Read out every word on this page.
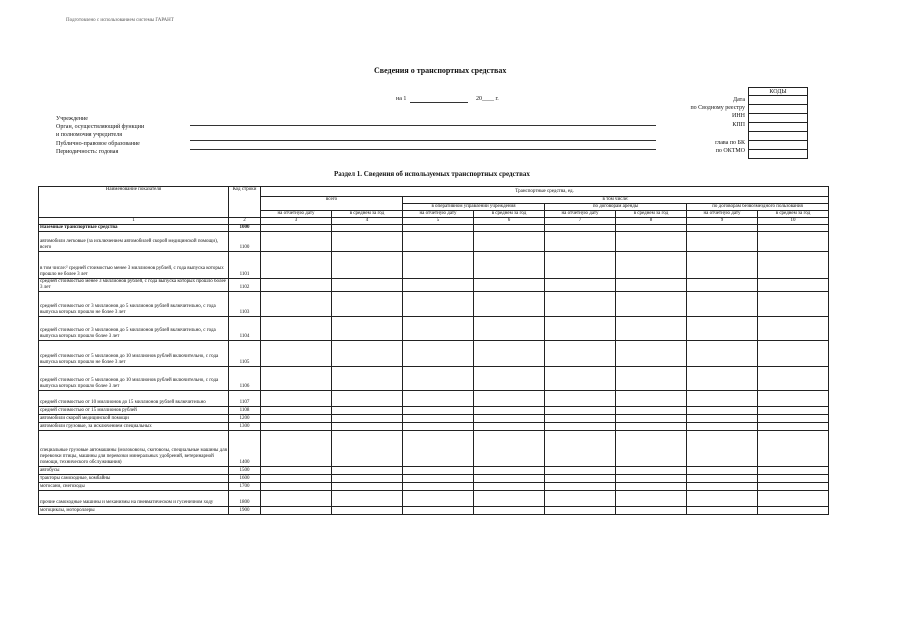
Подготовлено с использованием системы ГАРАНТ
Сведения о транспортных средствах
на 1	20____ г.
КОДЫ

Дата
по Сводному реестру
ИНН
КПП
глава по БК
по ОКТМО
Учреждение
Орган, осуществляющий функции
и полномочия учредителя
Публично-правовое образование
Периодичность: годовая
Раздел 1. Сведения об используемых транспортных средствах
Наименование показателя	Код строки	Транспортные средства, ед.							
		всего		в том числе:					
				в оперативном управлении учреждения		по договорам аренды		по договорам безвозмездного пользования	
		на отчетную дату	в среднем за год	на отчетную дату	в среднем за год	на отчетную дату	в среднем за год	на отчетную дату	в среднем за год
1	2	3	4	5	6	7	8	9	10
Наземные транспортные средства	1000								
автомобили легковые (за исключением автомобилей скорой медицинской помощи), всего	1100								
в том числе:² средней стоимостью менее 3 миллионов рублей, с года выпуска которых прошло не более 3 лет	1101								
средней стоимостью менее 3 миллионов рублей, с года выпуска которых прошло более 3 лет	1102								
средней стоимостью от 3 миллионов до 5 миллионов рублей включительно, с года выпуска которых прошло не более 3 лет	1103								
средней стоимостью от 3 миллионов до 5 миллионов рублей включительно, с года выпуска которых прошло более 3 лет	1104								
средней стоимостью от 5 миллионов до 10 миллионов рублей включительно, с года выпуска которых прошло не более 3 лет	1105								
средней стоимостью от 5 миллионов до 10 миллионов рублей включительно, с года выпуска которых прошло более 3 лет	1106								
средней стоимостью от 10 миллионов до 15 миллионов рублей включительно	1107								
средней стоимостью от 15 миллионов рублей	1108								
автомобили скорой медицинской помощи	1200								
автомобили грузовые, за исключением специальных	1300								
специальные грузовые автомашины (молоковозы, скотовозы, специальные машины для перевозки птицы, машины для перевозки минеральных удобрений, ветеринарной помощи, технического обслуживания)	1400								
автобусы	1500								
тракторы самоходные, комбайны	1600								
мотосани, снегоходы	1700								
прочие самоходные машины и механизмы на пневматическом и гусеничном ходу	1800								
мотоциклы, мотороллеры	1900								
